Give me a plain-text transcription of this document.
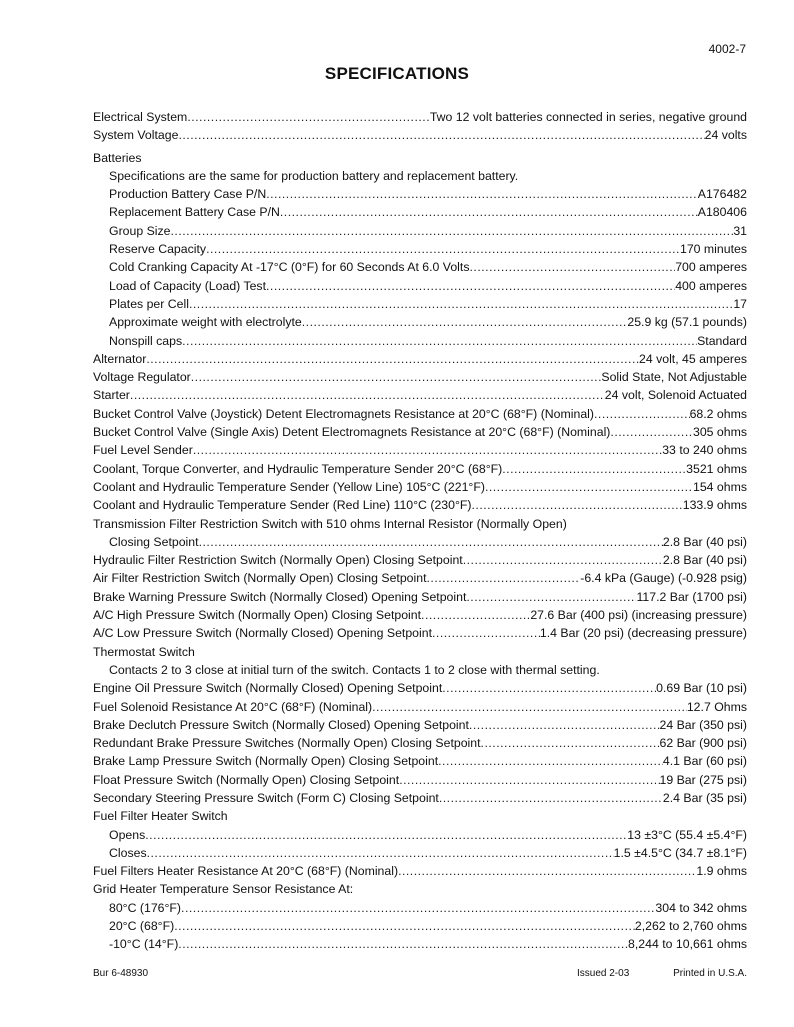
4002-7
SPECIFICATIONS
Electrical System .....	Two 12 volt batteries connected in series, negative ground
System Voltage .....	24 volts
Batteries
Specifications are the same for production battery and replacement battery.
Production Battery Case P/N .....	A176482
Replacement Battery Case P/N .....	A180406
Group Size .....	31
Reserve Capacity .....	170 minutes
Cold Cranking Capacity At -17°C (0°F) for 60 Seconds At 6.0 Volts .....	700 amperes
Load of Capacity (Load) Test .....	400 amperes
Plates per Cell .....	17
Approximate weight with electrolyte .....	25.9 kg (57.1 pounds)
Nonspill caps .....	Standard
Alternator .....	24 volt, 45 amperes
Voltage Regulator .....	Solid State, Not Adjustable
Starter .....	24 volt, Solenoid Actuated
Bucket Control Valve (Joystick) Detent Electromagnets Resistance at 20°C (68°F) (Nominal) .....	68.2 ohms
Bucket Control Valve (Single Axis) Detent Electromagnets Resistance at 20°C (68°F) (Nominal) .....	305 ohms
Fuel Level Sender .....	33 to 240 ohms
Coolant, Torque Converter, and Hydraulic Temperature Sender 20°C (68°F) .....	3521 ohms
Coolant and Hydraulic Temperature Sender (Yellow Line) 105°C (221°F) .....	154 ohms
Coolant and Hydraulic Temperature Sender (Red Line) 110°C (230°F) .....	133.9 ohms
Transmission Filter Restriction Switch with 510 ohms Internal Resistor (Normally Open)
Closing Setpoint .....	2.8 Bar (40 psi)
Hydraulic Filter Restriction Switch (Normally Open) Closing Setpoint .....	2.8 Bar (40 psi)
Air Filter Restriction Switch (Normally Open) Closing Setpoint .....	-6.4 kPa (Gauge) (-0.928 psig)
Brake Warning Pressure Switch (Normally Closed) Opening Setpoint .....	117.2 Bar (1700 psi)
A/C High Pressure Switch (Normally Open) Closing Setpoint .....	27.6 Bar (400 psi) (increasing pressure)
A/C Low Pressure Switch (Normally Closed) Opening Setpoint .....	1.4 Bar (20 psi) (decreasing pressure)
Thermostat Switch
Contacts 2 to 3 close at initial turn of the switch. Contacts 1 to 2 close with thermal setting.
Engine Oil Pressure Switch (Normally Closed) Opening Setpoint .....	0.69 Bar (10 psi)
Fuel Solenoid Resistance At 20°C (68°F) (Nominal) .....	12.7 Ohms
Brake Declutch Pressure Switch (Normally Closed) Opening Setpoint .....	24 Bar (350 psi)
Redundant Brake Pressure Switches (Normally Open) Closing Setpoint .....	62 Bar (900 psi)
Brake Lamp Pressure Switch (Normally Open) Closing Setpoint .....	4.1 Bar (60 psi)
Float Pressure Switch (Normally Open) Closing Setpoint .....	19 Bar (275 psi)
Secondary Steering Pressure Switch (Form C) Closing Setpoint .....	2.4 Bar (35 psi)
Fuel Filter Heater Switch
Opens .....	13 ±3°C (55.4 ±5.4°F)
Closes .....	1.5 ±4.5°C (34.7 ±8.1°F)
Fuel Filters Heater Resistance At 20°C (68°F) (Nominal) .....	1.9 ohms
Grid Heater Temperature Sensor Resistance At:
80°C (176°F) .....	304 to 342 ohms
20°C (68°F) .....	2,262 to 2,760 ohms
-10°C (14°F) .....	8,244 to 10,661 ohms
Bur 6-48930	Issued 2-03	Printed in U.S.A.
